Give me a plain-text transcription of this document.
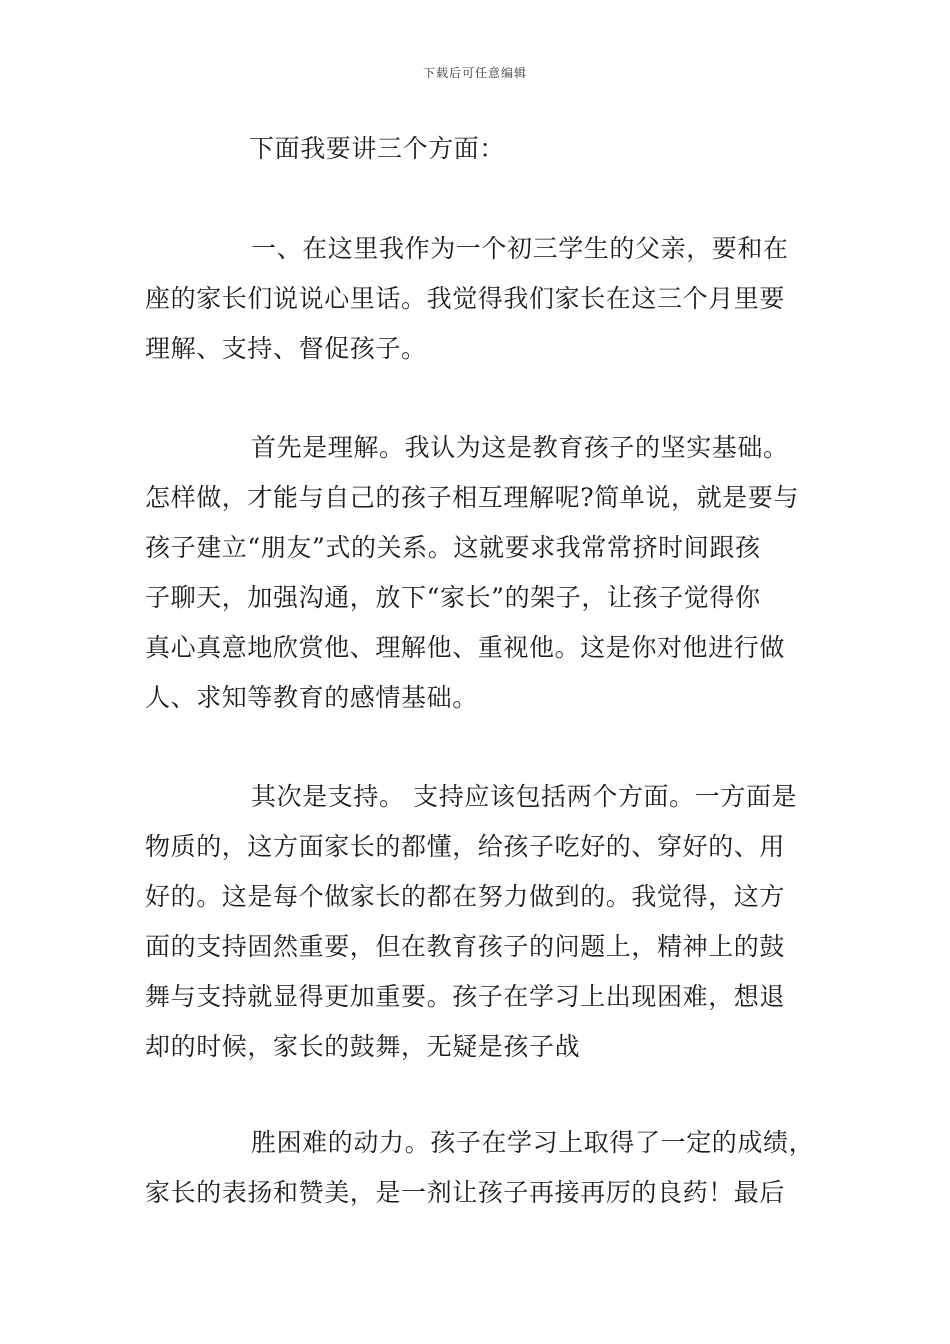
下载后可任意编辑
下面我要讲三个方面：
一、在这里我作为一个初三学生的父亲，要和在
座的家长们说说心里话。我觉得我们家长在这三个月里要
理解、支持、督促孩子。
首先是理解。我认为这是教育孩子的坚实基础。
怎样做，才能与自己的孩子相互理解呢?简单说，就是要与
孩子建立“朋友”式的关系。这就要求我常常挤时间跟孩
子聊天，加强沟通，放下“家长”的架子，让孩子觉得你
真心真意地欣赏他、理解他、重视他。这是你对他进行做
人、求知等教育的感情基础。
其次是支持。 支持应该包括两个方面。一方面是
物质的，这方面家长的都懂，给孩子吃好的、穿好的、用
好的。这是每个做家长的都在努力做到的。我觉得，这方
面的支持固然重要，但在教育孩子的问题上，精神上的鼓
舞与支持就显得更加重要。孩子在学习上出现困难，想退
却的时候，家长的鼓舞，无疑是孩子战
胜困难的动力。孩子在学习上取得了一定的成绩，
家长的表扬和赞美，是一剂让孩子再接再厉的良药！最后
